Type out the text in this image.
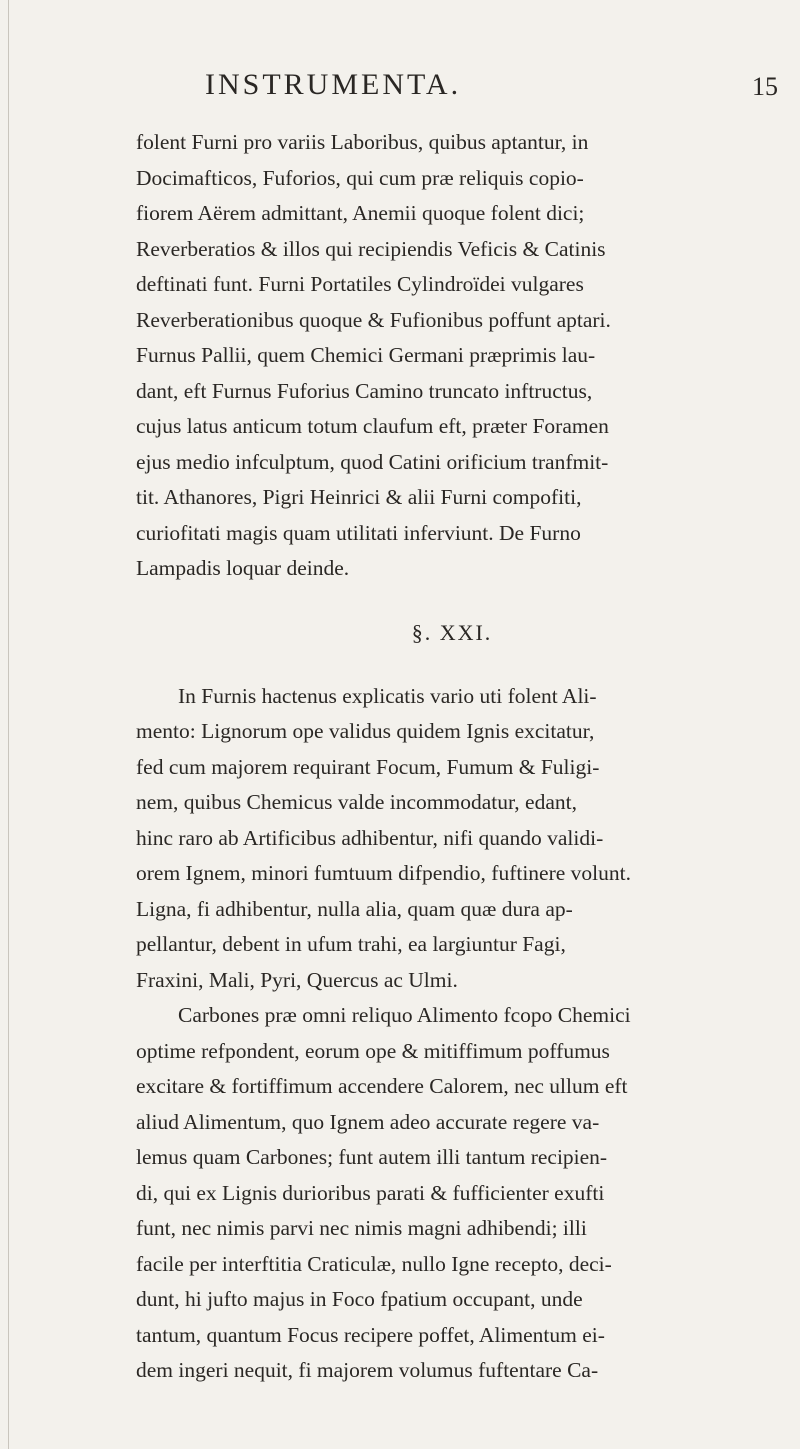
INSTRUMENTA.	15
folent Furni pro variis Laboribus, quibus aptantur, in
Docimafticos, Fuforios, qui cum præ reliquis copio-
fiorem Aërem admittant, Anemii quoque folent dici;
Reverberatios & illos qui recipiendis Veficis & Catinis
deftinati funt. Furni Portatiles Cylindroïdei vulgares
Reverberationibus quoque & Fufionibus poffunt aptari.
Furnus Pallii, quem Chemici Germani præprimis lau-
dant, eft Furnus Fuforius Camino truncato inftructus,
cujus latus anticum totum claufum eft, præter Foramen
ejus medio infculptum, quod Catini orificium tranfmit-
tit. Athanores, Pigri Heinrici & alii Furni compofiti,
curiofitati magis quam utilitati inferviunt. De Furno
Lampadis loquar deinde.
§. XXI.
In Furnis hactenus explicatis vario uti folent Ali-
mento: Lignorum ope validus quidem Ignis excitatur,
fed cum majorem requirant Focum, Fumum & Fuligi-
nem, quibus Chemicus valde incommodatur, edant,
hinc raro ab Artificibus adhibentur, nifi quando validi-
orem Ignem, minori fumtuum difpendio, fuftinere volunt.
Ligna, fi adhibentur, nulla alia, quam quæ dura ap-
pellantur, debent in ufum trahi, ea largiuntur Fagi,
Fraxini, Mali, Pyri, Quercus ac Ulmi.
Carbones præ omni reliquo Alimento fcopo Chemici
optime refpondent, eorum ope & mitiffimum poffumus
excitare & fortiffimum accendere Calorem, nec ullum eft
aliud Alimentum, quo Ignem adeo accurate regere va-
lemus quam Carbones; funt autem illi tantum recipien-
di, qui ex Lignis durioribus parati & fufficienter exufti
funt, nec nimis parvi nec nimis magni adhibendi; illi
facile per interftitia Craticulæ, nullo Igne recepto, deci-
dunt, hi jufto majus in Foco fpatium occupant, unde
tantum, quantum Focus recipere poffet, Alimentum ei-
dem ingeri nequit, fi majorem volumus fuftentare Ca-
